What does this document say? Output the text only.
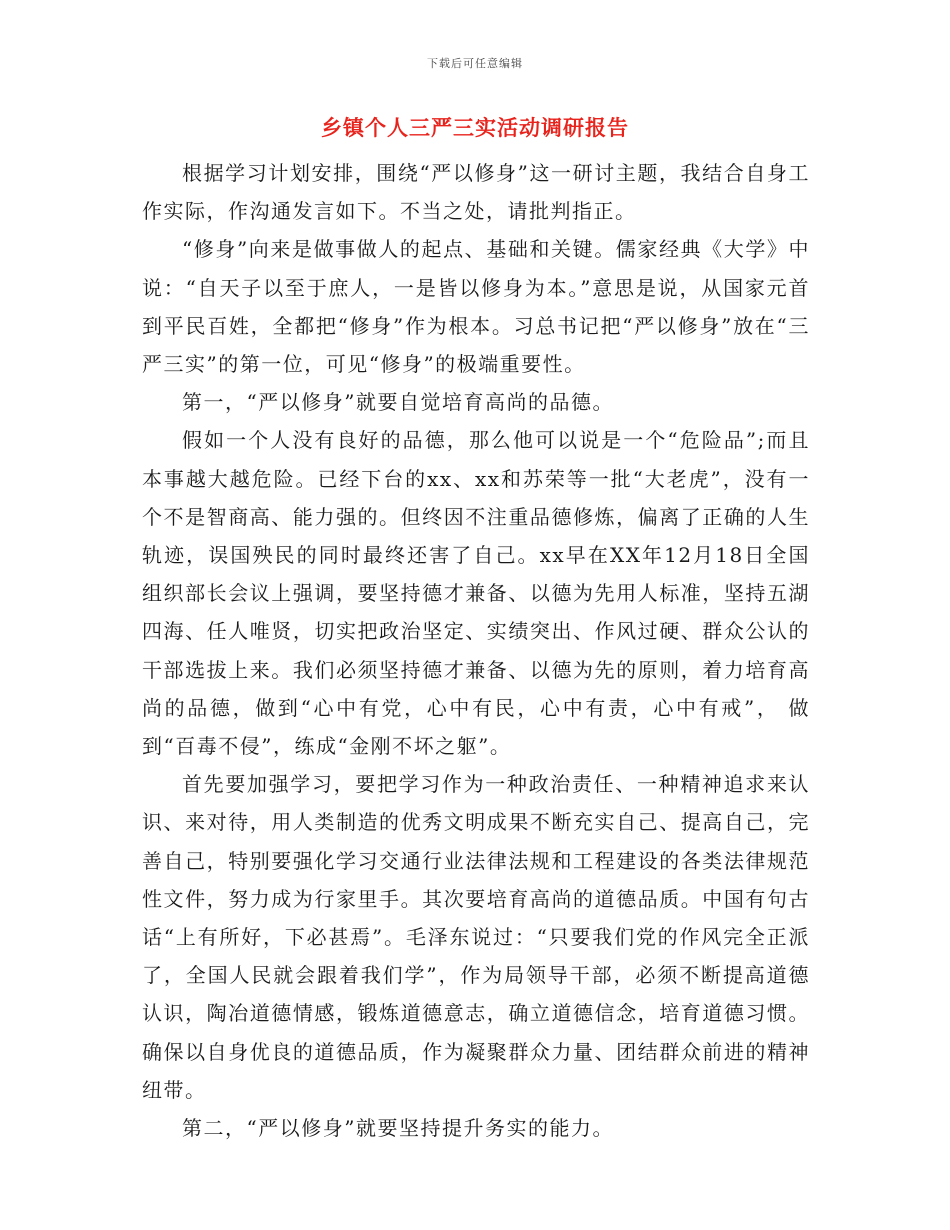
下载后可任意编辑
乡镇个人三严三实活动调研报告

根据学习计划安排，围绕“严以修身”这一研讨主题，我结合自身工作实际，作沟通发言如下。不当之处，请批判指正。

“修身”向来是做事做人的起点、基础和关键。儒家经典《大学》中说：“自天子以至于庶人，一是皆以修身为本。”意思是说，从国家元首到平民百姓，全都把“修身”作为根本。习总书记把“严以修身”放在“三严三实”的第一位，可见“修身”的极端重要性。

第一，“严以修身”就要自觉培育高尚的品德。

假如一个人没有良好的品德，那么他可以说是一个“危险品”;而且本事越大越危险。已经下台的xx、xx和苏荣等一批“大老虎”，没有一个不是智商高、能力强的。但终因不注重品德修炼，偏离了正确的人生轨迹，误国殃民的同时最终还害了自己。xx早在XX年12月18日全国组织部长会议上强调，要坚持德才兼备、以德为先用人标准，坚持五湖四海、任人唯贤，切实把政治坚定、实绩突出、作风过硬、群众公认的干部选拔上来。我们必须坚持德才兼备、以德为先的原则，着力培育高尚的品德，做到“心中有党，心中有民，心中有责，心中有戒”， 做到“百毒不侵”，练成“金刚不坏之躯”。

首先要加强学习，要把学习作为一种政治责任、一种精神追求来认识、来对待，用人类制造的优秀文明成果不断充实自己、提高自己，完善自己，特别要强化学习交通行业法律法规和工程建设的各类法律规范性文件，努力成为行家里手。其次要培育高尚的道德品质。中国有句古话“上有所好，下必甚焉”。毛泽东说过：“只要我们党的作风完全正派了，全国人民就会跟着我们学”，作为局领导干部，必须不断提高道德认识，陶冶道德情感，锻炼道德意志，确立道德信念，培育道德习惯。确保以自身优良的道德品质，作为凝聚群众力量、团结群众前进的精神纽带。

第二，“严以修身”就要坚持提升务实的能力。
